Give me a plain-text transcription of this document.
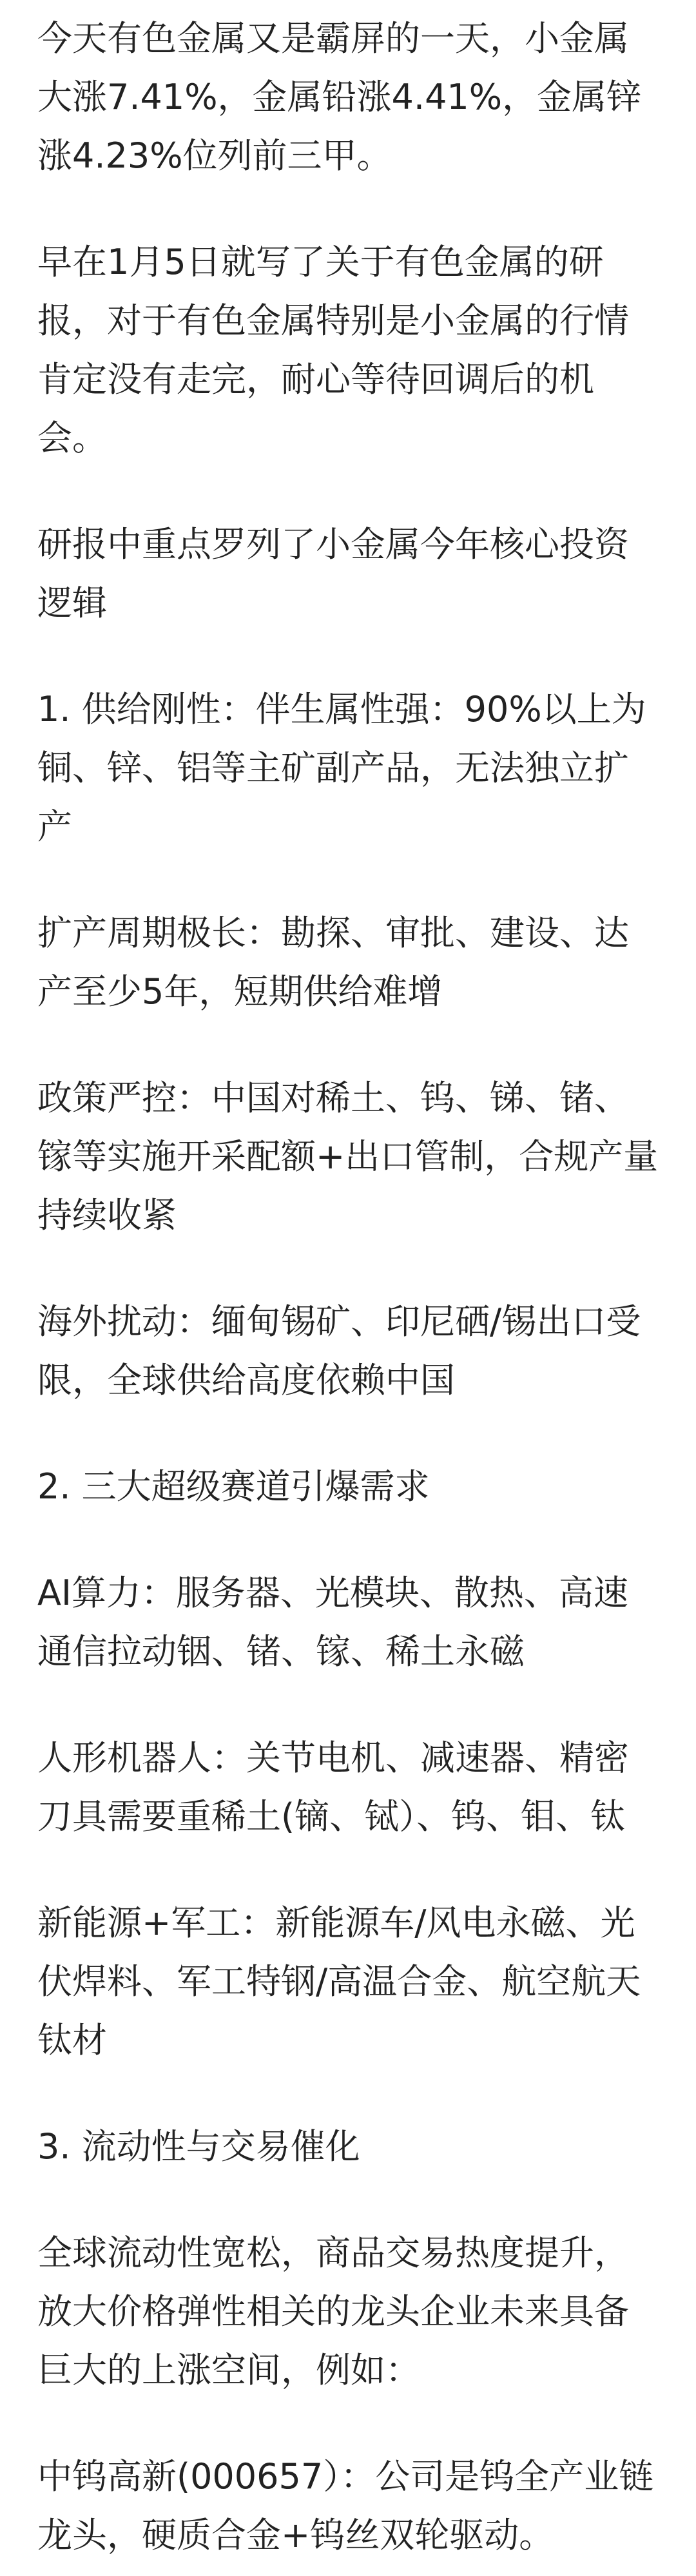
今天有色金属又是霸屏的一天，小金属大涨7.41%，金属铅涨4.41%，金属锌涨4.23%位列前三甲。

早在1月5日就写了关于有色金属的研报，对于有色金属特别是小金属的行情肯定没有走完，耐心等待回调后的机会。

研报中重点罗列了小金属今年核心投资逻辑

1. 供给刚性：伴生属性强：90%以上为铜、锌、铝等主矿副产品，无法独立扩产

扩产周期极长：勘探、审批、建设、达产至少5年，短期供给难增

政策严控：中国对稀土、钨、锑、锗、镓等实施开采配额+出口管制，合规产量持续收紧

海外扰动：缅甸锡矿、印尼硒/锡出口受限，全球供给高度依赖中国

2. 三大超级赛道引爆需求

AI算力：服务器、光模块、散热、高速通信拉动铟、锗、镓、稀土永磁

人形机器人：关节电机、减速器、精密刀具需要重稀土(镝、铽）、钨、钼、钛

新能源+军工：新能源车/风电永磁、光伏焊料、军工特钢/高温合金、航空航天钛材

3. 流动性与交易催化

全球流动性宽松，商品交易热度提升，放大价格弹性相关的龙头企业未来具备巨大的上涨空间，例如：

中钨高新(000657）：公司是钨全产业链龙头，硬质合金+钨丝双轮驱动。
